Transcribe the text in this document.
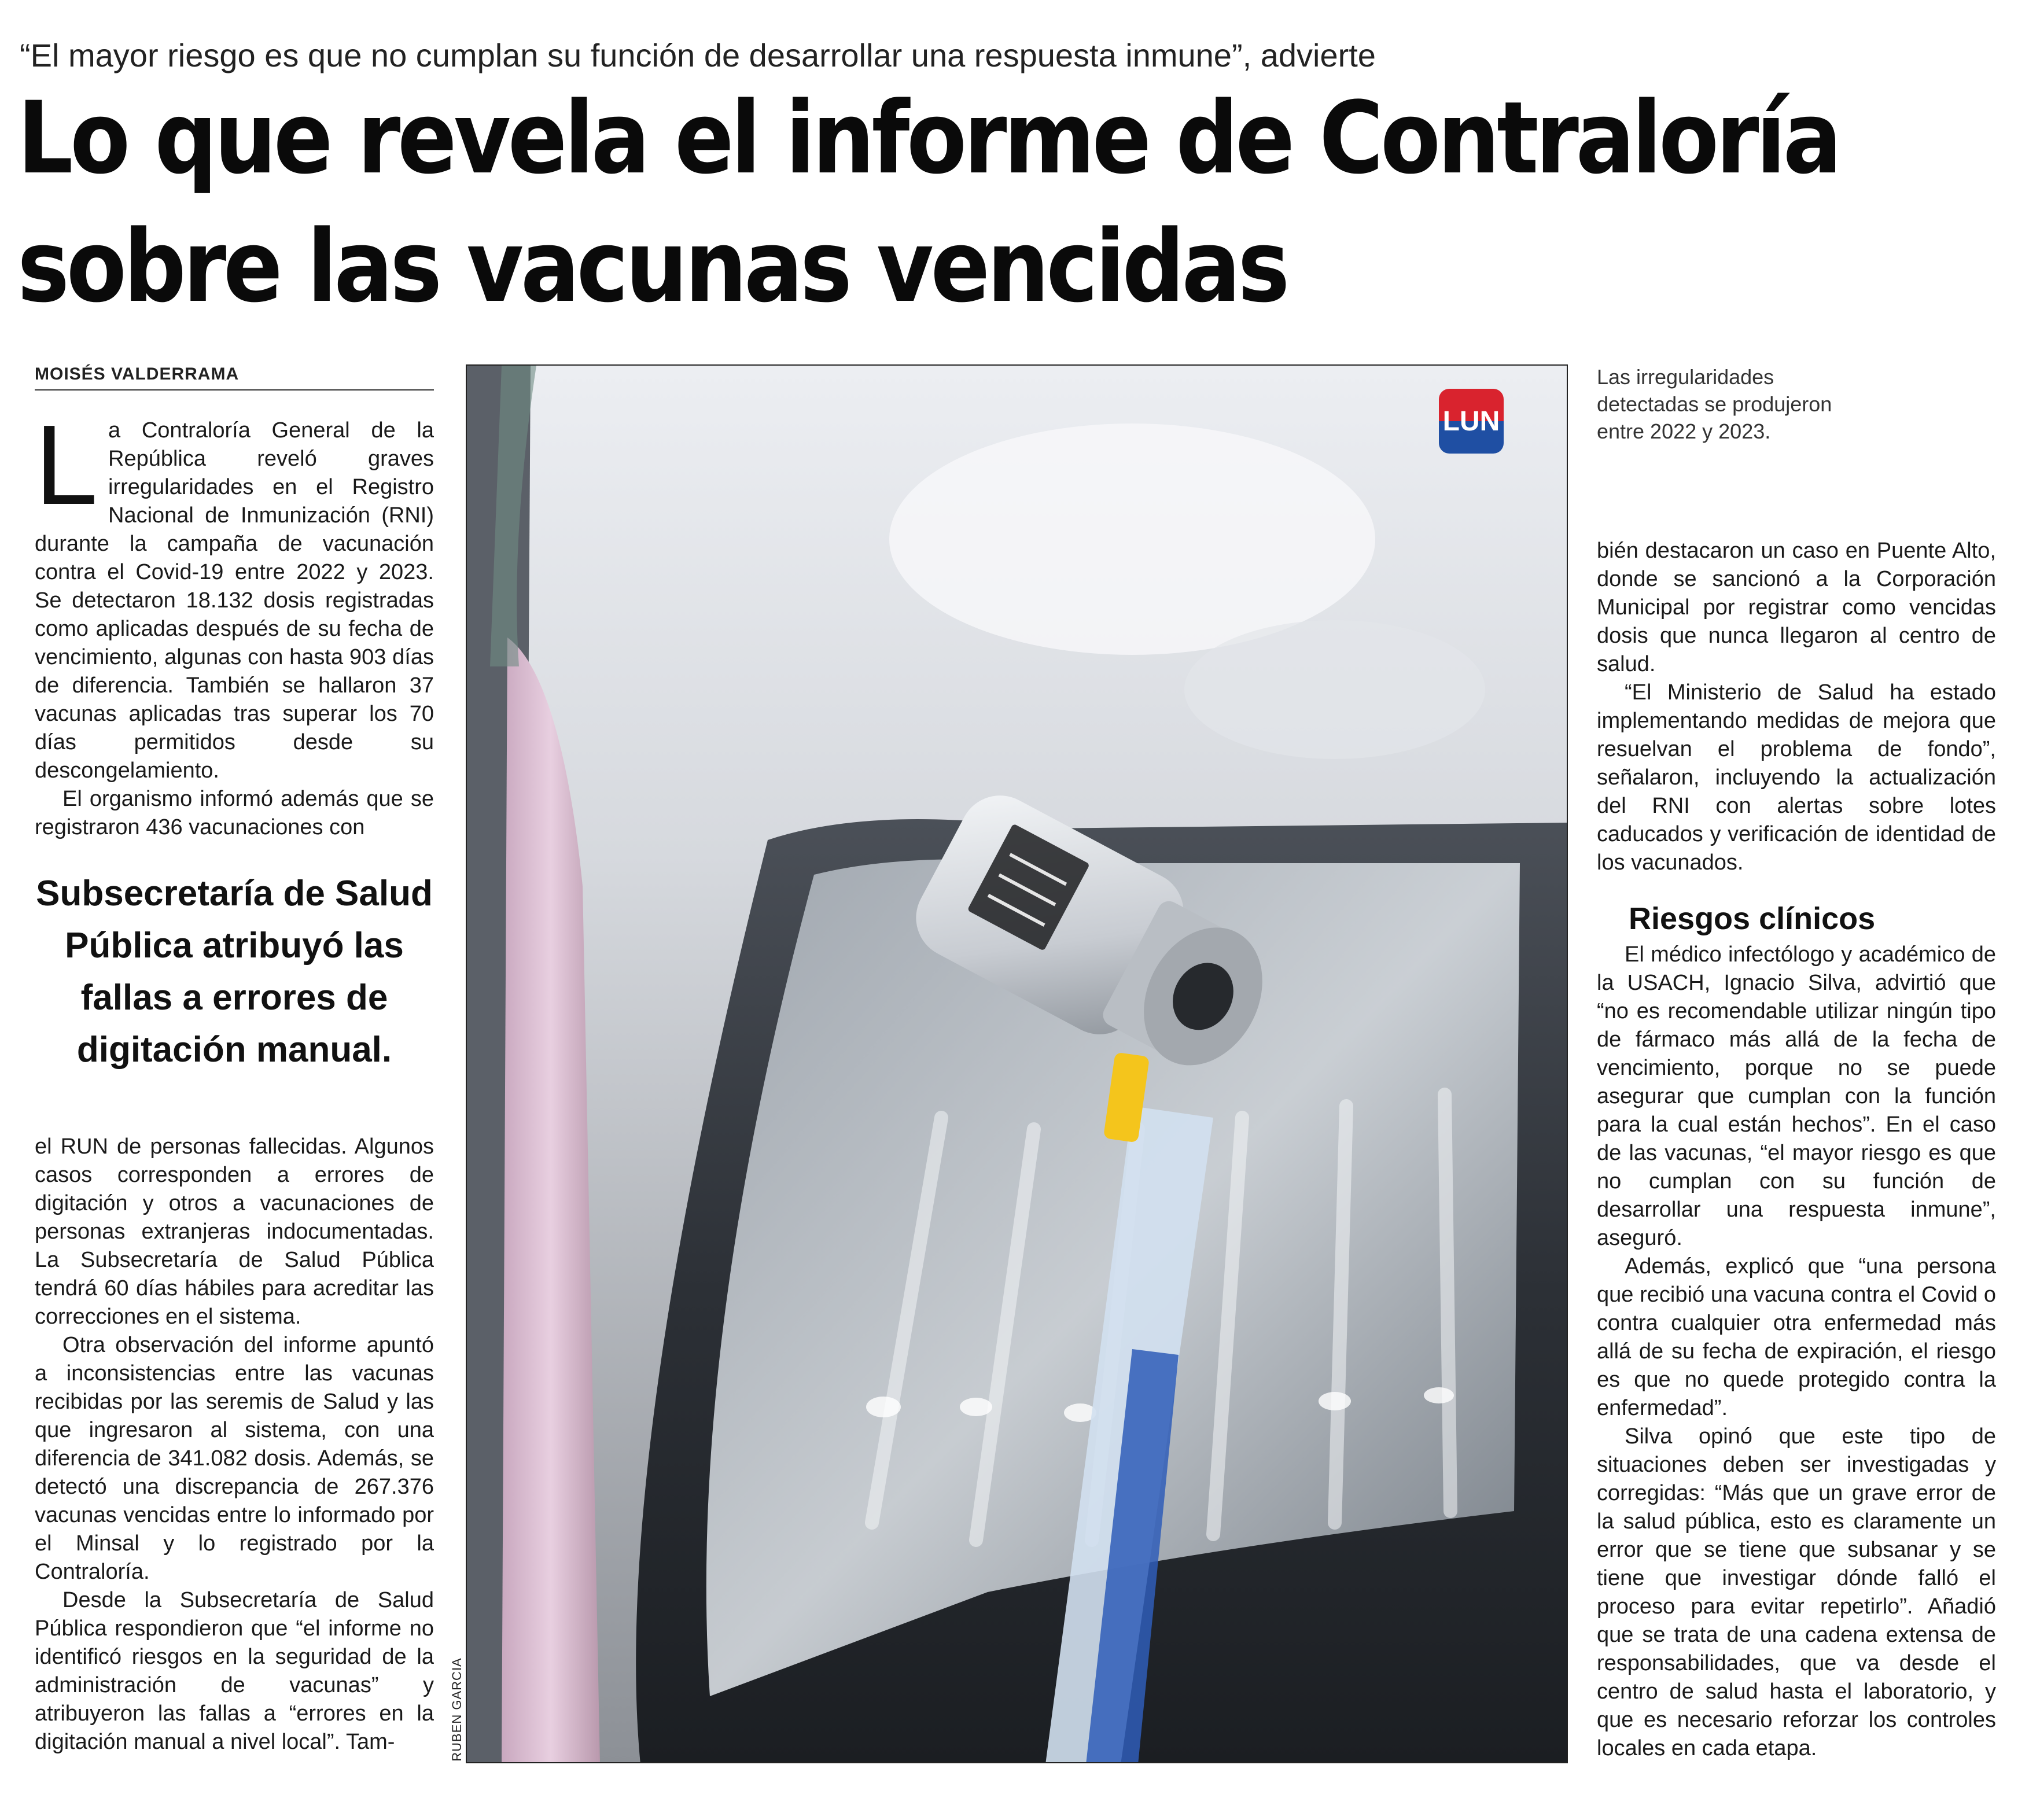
“El mayor riesgo es que no cumplan su función de desarrollar una respuesta inmune”, advierte
Lo que revela el informe de Contraloría
sobre las vacunas vencidas
MOISÉS VALDERRAMA

La Contraloría General de la República reveló graves irregularidades en el Registro Nacional de Inmunización (RNI) durante la campaña de vacunación contra el Covid-19 entre 2022 y 2023. Se detectaron 18.132 dosis registradas como aplicadas después de su fecha de vencimiento, algunas con hasta 903 días de diferencia. También se hallaron 37 vacunas aplicadas tras superar los 70 días permitidos desde su descongelamiento.

El organismo informó además que se registraron 436 vacunaciones con

Subsecretaría de Salud Pública atribuyó las fallas a errores de digitación manual.

el RUN de personas fallecidas. Algunos casos corresponden a errores de digitación y otros a vacunaciones de personas extranjeras indocumentadas. La Subsecretaría de Salud Pública tendrá 60 días hábiles para acreditar las correcciones en el sistema.

Otra observación del informe apuntó a inconsistencias entre las vacunas recibidas por las seremis de Salud y las que ingresaron al sistema, con una diferencia de 341.082 dosis. Además, se detectó una discrepancia de 267.376 vacunas vencidas entre lo informado por el Minsal y lo registrado por la Contraloría.

Desde la Subsecretaría de Salud Pública respondieron que “el informe no identificó riesgos en la seguridad de la administración de vacunas” y atribuyeron las fallas a “errores en la digitación manual a nivel local”. Tam-

LUN
RUBEN GARCIA
Las irregularidades detectadas se produjeron entre 2022 y 2023.

bién destacaron un caso en Puente Alto, donde se sancionó a la Corporación Municipal por registrar como vencidas dosis que nunca llegaron al centro de salud.

“El Ministerio de Salud ha estado implementando medidas de mejora que resuelvan el problema de fondo”, señalaron, incluyendo la actualización del RNI con alertas sobre lotes caducados y verificación de identidad de los vacunados.

Riesgos clínicos

El médico infectólogo y académico de la USACH, Ignacio Silva, advirtió que “no es recomendable utilizar ningún tipo de fármaco más allá de la fecha de vencimiento, porque no se puede asegurar que cumplan con la función para la cual están hechos”. En el caso de las vacunas, “el mayor riesgo es que no cumplan con su función de desarrollar una respuesta inmune”, aseguró.

Además, explicó que “una persona que recibió una vacuna contra el Covid o contra cualquier otra enfermedad más allá de su fecha de expiración, el riesgo es que no quede protegido contra la enfermedad”.

Silva opinó que este tipo de situaciones deben ser investigadas y corregidas: “Más que un grave error de la salud pública, esto es claramente un error que se tiene que subsanar y se tiene que investigar dónde falló el proceso para evitar repetirlo”. Añadió que se trata de una cadena extensa de responsabilidades, que va desde el centro de salud hasta el laboratorio, y que es necesario reforzar los controles locales en cada etapa.
